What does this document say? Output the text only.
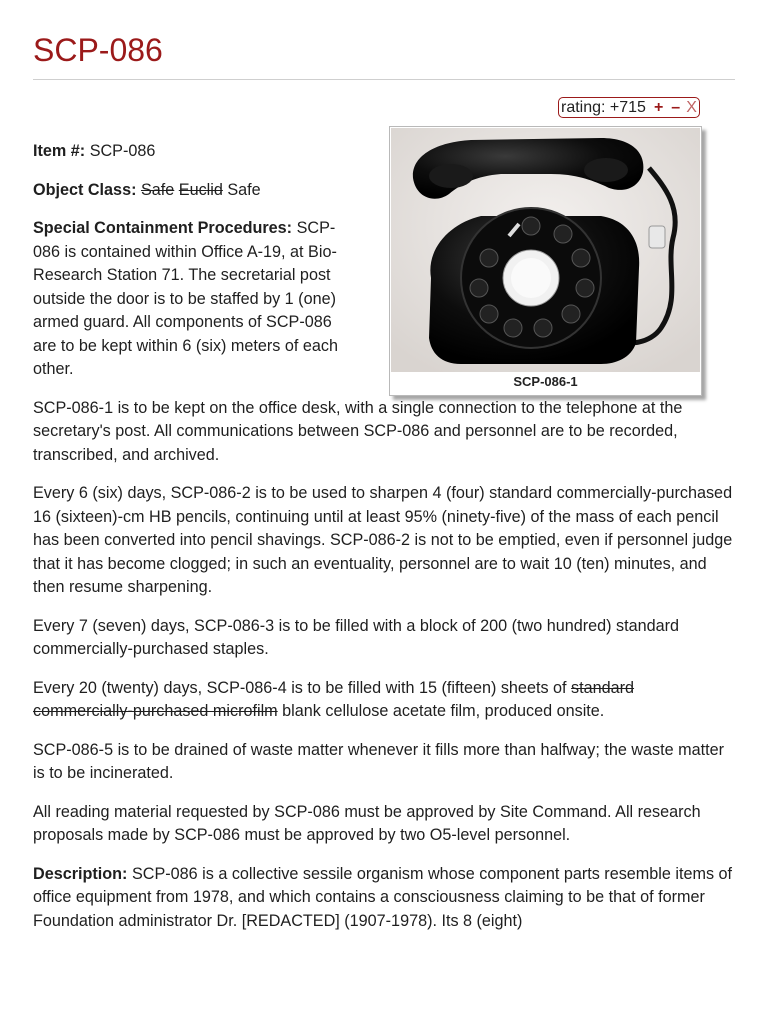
SCP-086
rating: +715 + – X
SCP-086-1

Item #: SCP-086

Object Class: Safe Euclid Safe

Special Containment Procedures: SCP-086 is contained within Office A-19, at Bio-Research Station 71. The secretarial post outside the door is to be staffed by 1 (one) armed guard. All components of SCP-086 are to be kept within 6 (six) meters of each other.

SCP-086-1 is to be kept on the office desk, with a single connection to the telephone at the secretary's post. All communications between SCP-086 and personnel are to be recorded, transcribed, and archived.

Every 6 (six) days, SCP-086-2 is to be used to sharpen 4 (four) standard commercially-purchased 16 (sixteen)-cm HB pencils, continuing until at least 95% (ninety-five) of the mass of each pencil has been converted into pencil shavings. SCP-086-2 is not to be emptied, even if personnel judge that it has become clogged; in such an eventuality, personnel are to wait 10 (ten) minutes, and then resume sharpening.

Every 7 (seven) days, SCP-086-3 is to be filled with a block of 200 (two hundred) standard commercially-purchased staples.

Every 20 (twenty) days, SCP-086-4 is to be filled with 15 (fifteen) sheets of standard commercially-purchased microfilm blank cellulose acetate film, produced onsite.

SCP-086-5 is to be drained of waste matter whenever it fills more than halfway; the waste matter is to be incinerated.

All reading material requested by SCP-086 must be approved by Site Command. All research proposals made by SCP-086 must be approved by two O5-level personnel.

Description: SCP-086 is a collective sessile organism whose component parts resemble items of office equipment from 1978, and which contains a consciousness claiming to be that of former Foundation administrator Dr. [REDACTED] (1907-1978). Its 8 (eight)
